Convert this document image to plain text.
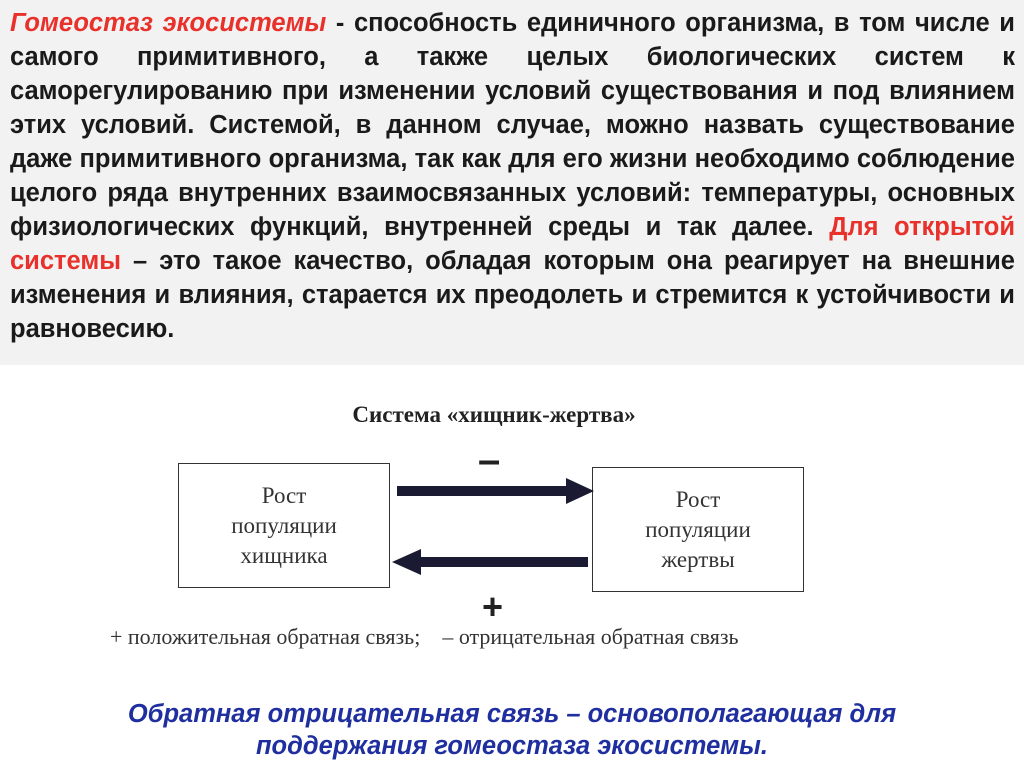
Гомеостаз экосистемы - способность единичного организма, в том числе и самого примитивного, а также целых биологических систем к саморегулированию при изменении условий существования и под влиянием этих условий. Системой, в данном случае, можно назвать существование даже примитивного организма, так как для его жизни необходимо соблюдение целого ряда внутренних взаимосвязанных условий: температуры, основных физиологических функций, внутренней среды и так далее. Для открытой системы – это такое качество, обладая которым она реагирует на внешние изменения и влияния, старается их преодолеть и стремится к устойчивости и равновесию.

Система «хищник-жертва»
Рост
популяции
хищника
Рост
популяции
жертвы
–
+
+ положительная обратная связь;    – отрицательная обратная связь
Обратная отрицательная связь – основополагающая для
поддержания гомеостаза экосистемы.
